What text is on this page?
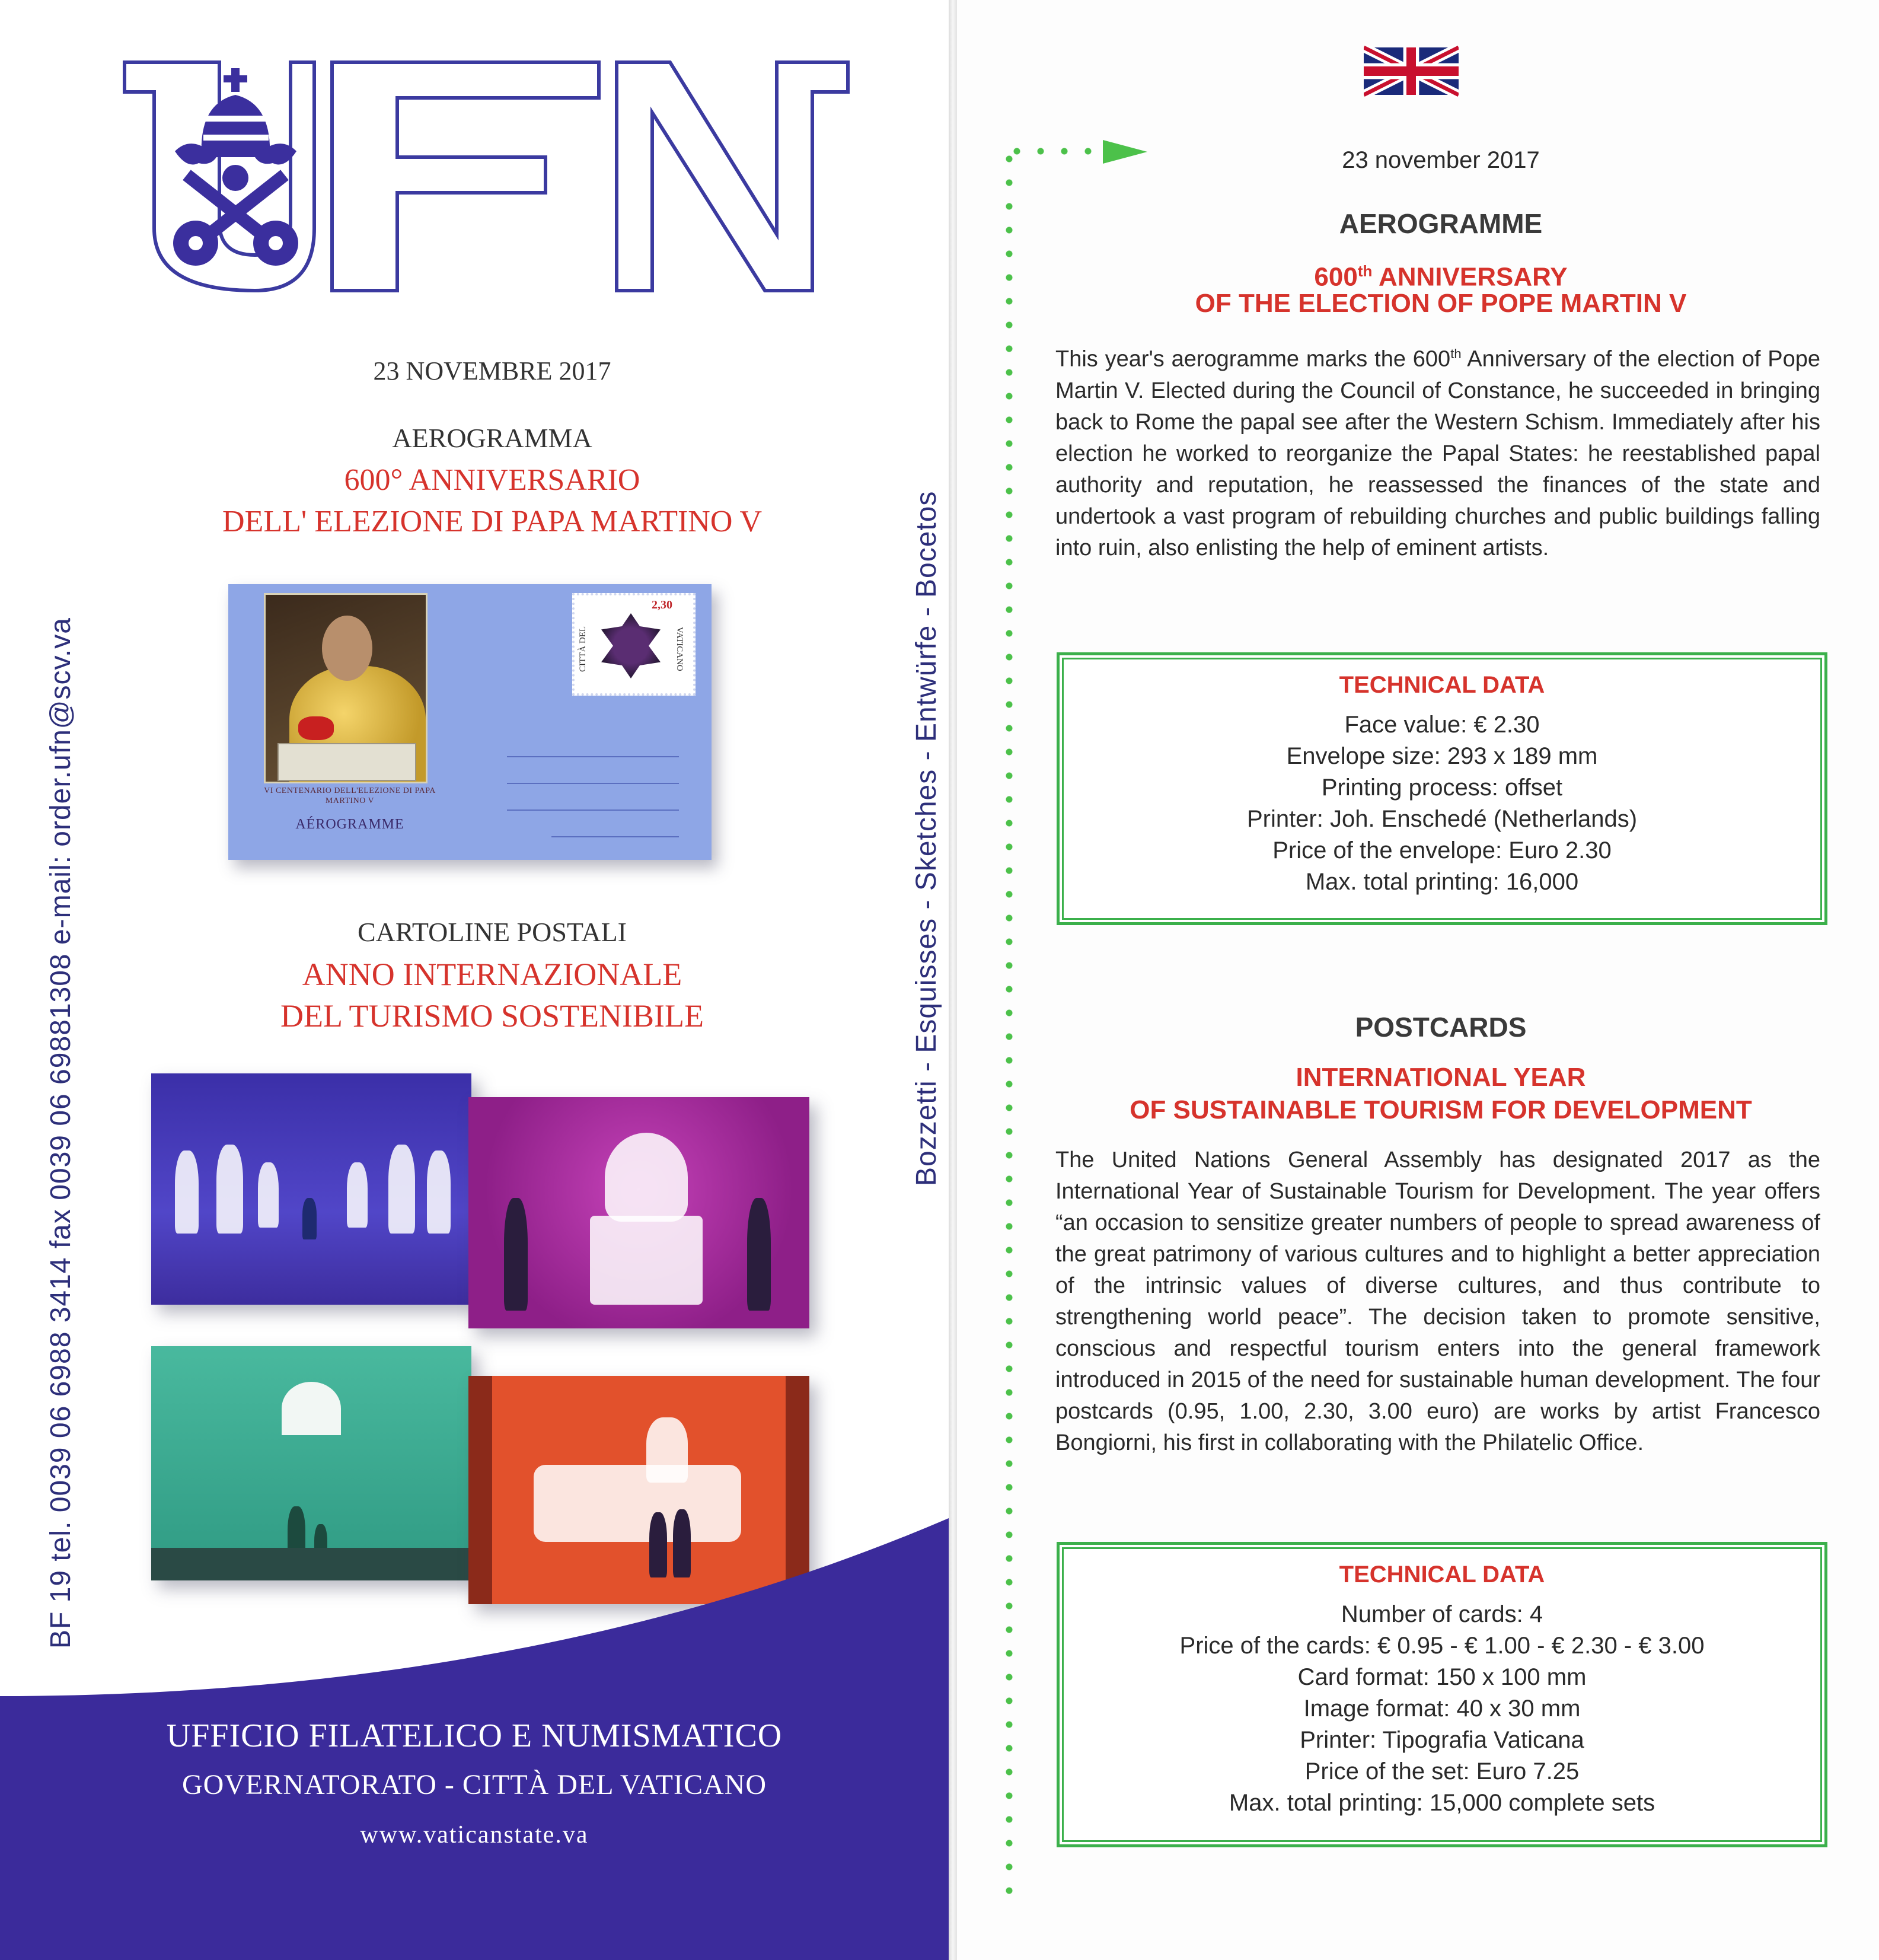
23 NOVEMBRE 2017
AEROGRAMMA
600° ANNIVERSARIO
DELL' ELEZIONE DI PAPA MARTINO V
VI CENTENARIO DELL'ELEZIONE DI PAPA MARTINO V
AÉROGRAMME
CITTÀ DEL	VATICANO
2,30
CARTOLINE POSTALI
ANNO INTERNAZIONALE
DEL TURISMO SOSTENIBILE
BF 19 tel. 0039 06 6988 3414 fax 0039 06 69881308 e-mail: order.ufn@scv.va	Bozzetti - Esquisses - Sketches - Entwürfe - Bocetos
UFFICIO FILATELICO E NUMISMATICO
GOVERNATORATO - CITTÀ DEL VATICANO
www.vaticanstate.va
23 november 2017
AEROGRAMME
600th ANNIVERSARY
OF THE ELECTION OF POPE MARTIN V
This year's aerogramme marks the 600th Anniversary of the election of Pope Martin V. Elected during the Council of Constance, he succeeded in bringing back to Rome the papal see after the Western Schism. Immediately after his election he worked to reorganize the Papal States: he reestablished papal authority and reputation, he reassessed the finances of the state and undertook a vast program of rebuilding churches and public buildings falling into ruin, also enlisting the help of eminent artists.
TECHNICAL DATA
Face value: € 2.30
Envelope size: 293 x 189 mm
Printing process: offset
Printer: Joh. Enschedé (Netherlands)
Price of the envelope: Euro 2.30
Max. total printing: 16,000
POSTCARDS
INTERNATIONAL YEAR
OF SUSTAINABLE TOURISM FOR DEVELOPMENT
The United Nations General Assembly has designated 2017 as the International Year of Sustainable Tourism for Development. The year offers “an occasion to sensitize greater numbers of people to spread awareness of the great patrimony of various cultures and to highlight a better appreciation of the intrinsic values of diverse cultures, and thus contribute to strengthening world peace”. The decision taken to promote sensitive, conscious and respectful tourism enters into the general framework introduced in 2015 of the need for sustainable human development. The four postcards (0.95, 1.00, 2.30, 3.00 euro) are works by artist Francesco Bongiorni, his first in collaborating with the Philatelic Office.
TECHNICAL DATA
Number of cards: 4
Price of the cards: € 0.95 - € 1.00 - € 2.30 - € 3.00
Card format: 150 x 100 mm
Image format: 40 x 30 mm
Printer: Tipografia Vaticana
Price of the set: Euro 7.25
Max. total printing: 15,000 complete sets
